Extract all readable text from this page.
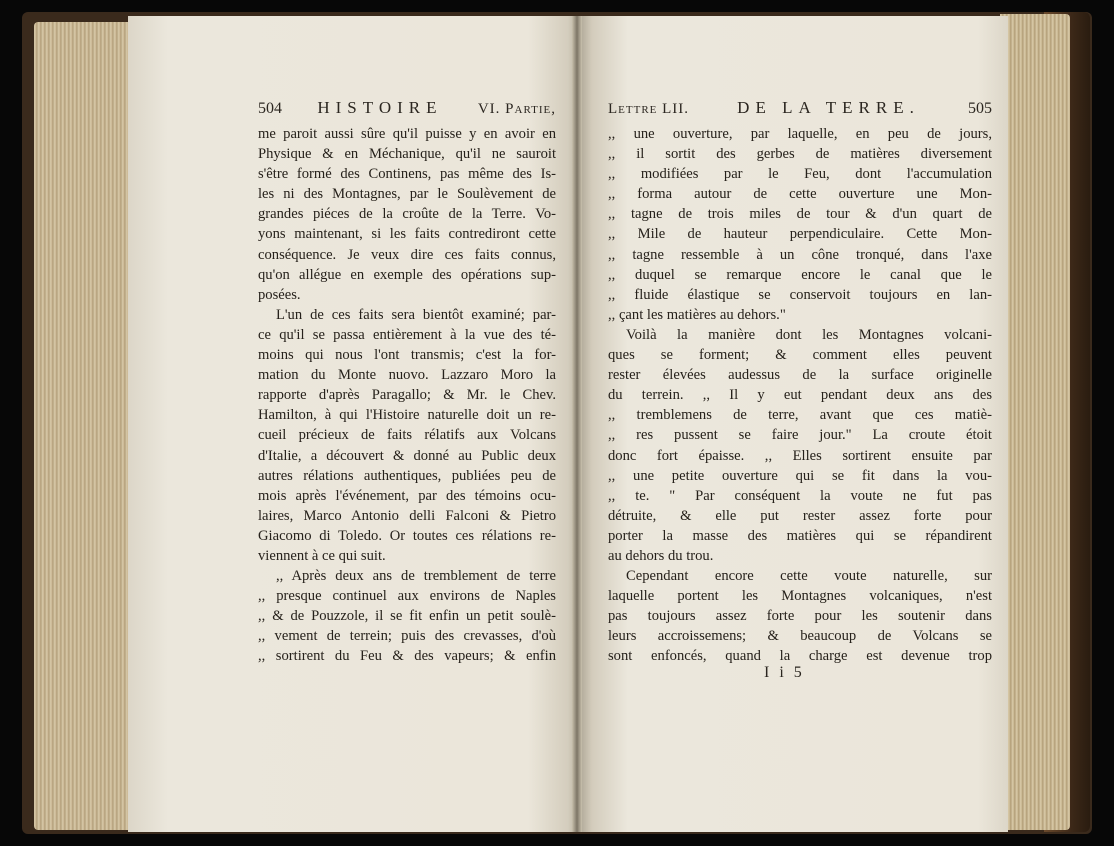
504 HISTOIRE VI. Partie,	Lettre LII.	DE LA TERRE.	505
me paroit aussi sûre qu'il puisse y en avoir en
Physique & en Méchanique, qu'il ne sauroit
s'être formé des Continens, pas même des Is-
les ni des Montagnes, par le Soulèvement de
grandes piéces de la croûte de la Terre. Vo-
yons maintenant, si les faits contrediront cette
conséquence. Je veux dire ces faits connus,
qu'on allégue en exemple des opérations sup-
posées.
L'un de ces faits sera bientôt examiné; par-
ce qu'il se passa entièrement à la vue des té-
moins qui nous l'ont transmis; c'est la for-
mation du Monte nuovo. Lazzaro Moro la
rapporte d'après Paragallo; & Mr. le Chev.
Hamilton, à qui l'Histoire naturelle doit un re-
cueil précieux de faits rélatifs aux Volcans
d'Italie, a découvert & donné au Public deux
autres rélations authentiques, publiées peu de
mois après l'événement, par des témoins ocu-
laires, Marco Antonio delli Falconi & Pietro
Giacomo di Toledo. Or toutes ces rélations re-
viennent à ce qui suit.
,, Après deux ans de tremblement de terre
,, presque continuel aux environs de Naples
,, & de Pouzzole, il se fit enfin un petit soulè-
,, vement de terrein; puis des crevasses, d'où
,, sortirent du Feu & des vapeurs; & enfin
,, une ouverture, par laquelle, en peu de jours,
,, il sortit des gerbes de matières diversement
,, modifiées par le Feu, dont l'accumulation
,, forma autour de cette ouverture une Mon-
,, tagne de trois miles de tour & d'un quart de
,, Mile de hauteur perpendiculaire. Cette Mon-
,, tagne ressemble à un cône tronqué, dans l'axe
,, duquel se remarque encore le canal que le
,, fluide élastique se conservoit toujours en lan-
,, çant les matières au dehors."
Voilà la manière dont les Montagnes volcani-
ques se forment; & comment elles peuvent
rester élevées audessus de la surface originelle
du terrein. ,, Il y eut pendant deux ans des
,, tremblemens de terre, avant que ces matiè-
,, res pussent se faire jour." La croute étoit
donc fort épaisse. ,, Elles sortirent ensuite par
,, une petite ouverture qui se fit dans la vou-
,, te. " Par conséquent la voute ne fut pas
détruite, & elle put rester assez forte pour
porter la masse des matières qui se répandirent
au dehors du trou.
Cependant encore cette voute naturelle, sur
laquelle portent les Montagnes volcaniques, n'est
pas toujours assez forte pour les soutenir dans
leurs accroissemens; & beaucoup de Volcans se
sont enfoncés, quand la charge est devenue trop
I i 5
